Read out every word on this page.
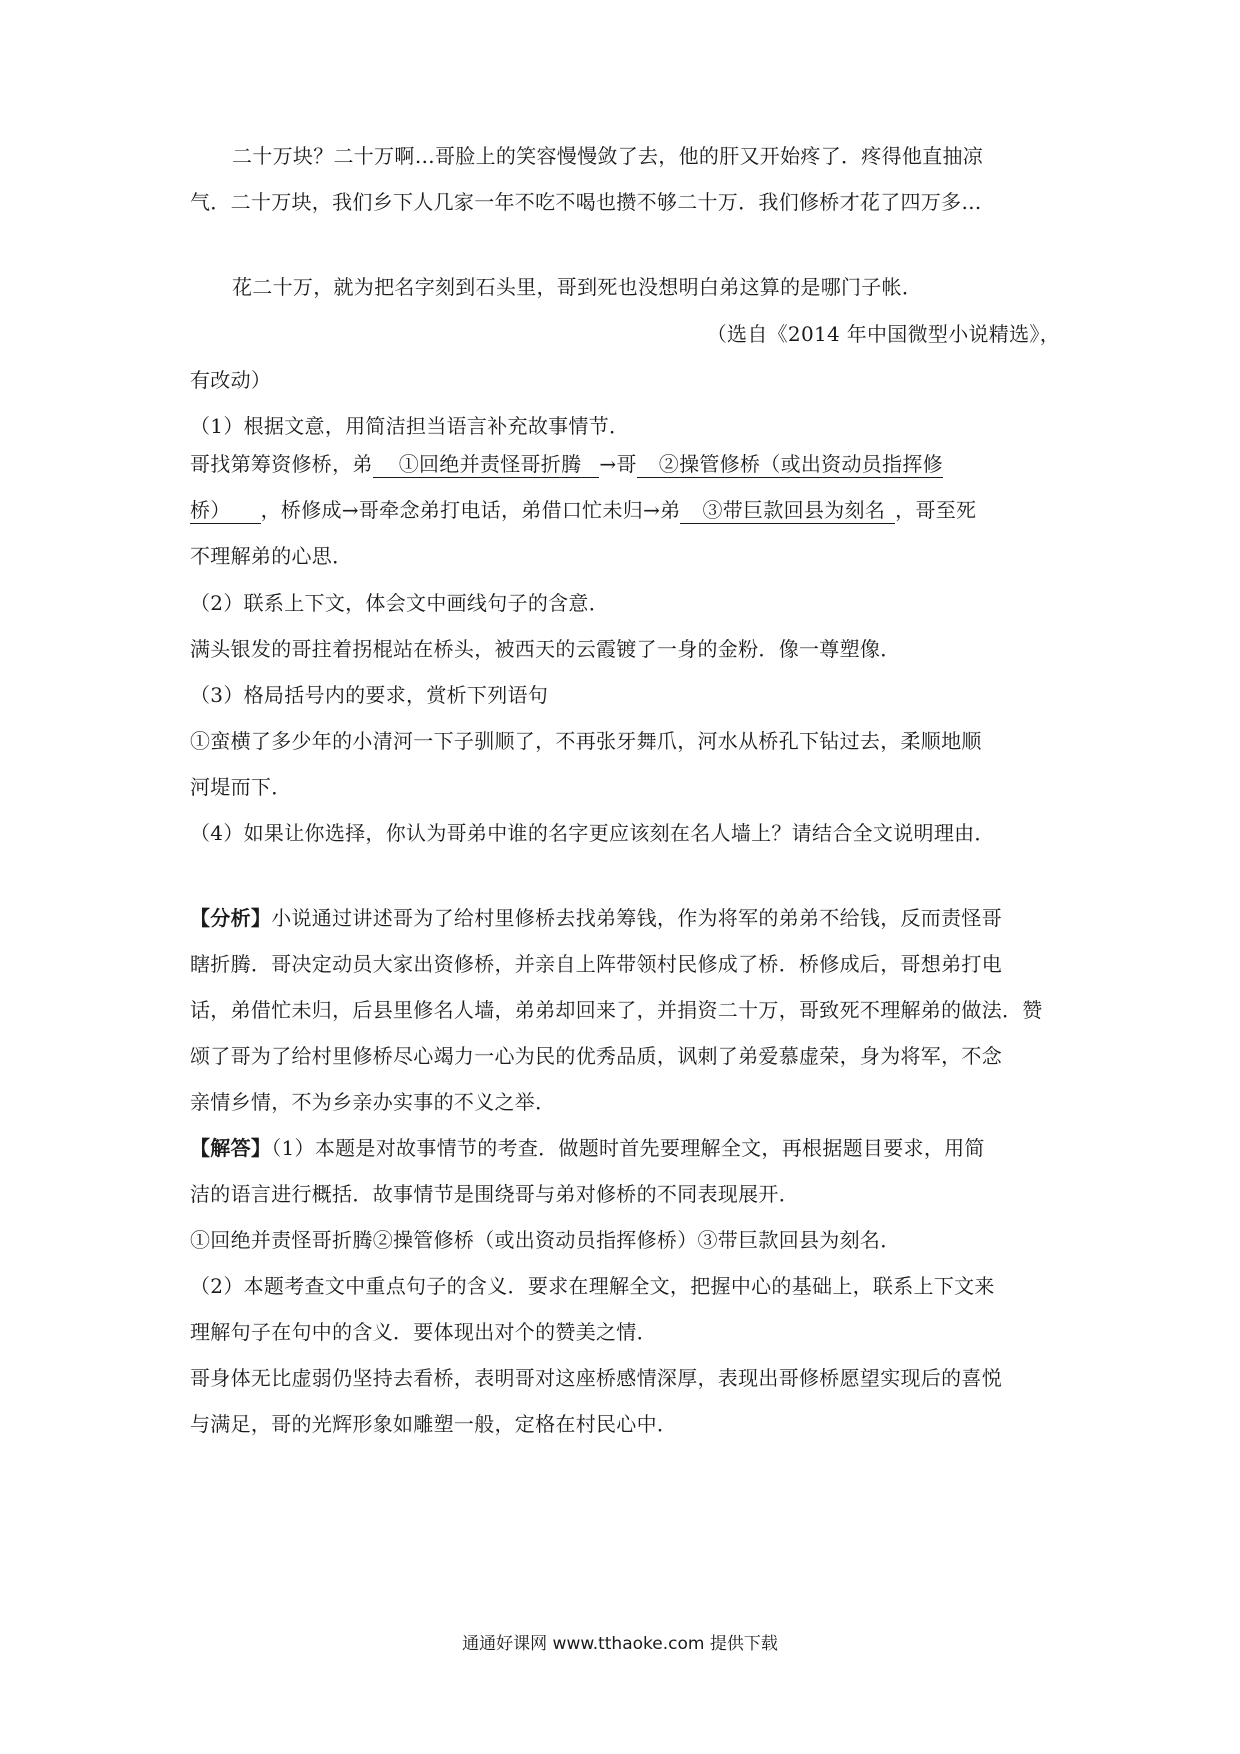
二十万块？二十万啊…哥脸上的笑容慢慢敛了去，他的肝又开始疼了．疼得他直抽凉
气．二十万块，我们乡下人几家一年不吃不喝也攒不够二十万．我们修桥才花了四万多…
花二十万，就为把名字刻到石头里，哥到死也没想明白弟这算的是哪门子帐．
（选自《2014 年中国微型小说精选》，
有改动）
（1）根据文意，用简洁担当语言补充故事情节．
哥找第筹资修桥，弟 ①回绝并责怪哥折腾→哥 ②操管修桥（或出资动员指挥修
桥） ，桥修成→哥牵念弟打电话，弟借口忙未归→弟 ③带巨款回县为刻名，哥至死
不理解弟的心思．
（2）联系上下文，体会文中画线句子的含意．
满头银发的哥拄着拐棍站在桥头，被西天的云霞镀了一身的金粉．像一尊塑像．
（3）格局括号内的要求，赏析下列语句
①蛮横了多少年的小清河一下子驯顺了，不再张牙舞爪，河水从桥孔下钻过去，柔顺地顺
河堤而下．
（4）如果让你选择，你认为哥弟中谁的名字更应该刻在名人墙上？请结合全文说明理由．
【分析】小说通过讲述哥为了给村里修桥去找弟筹钱，作为将军的弟弟不给钱，反而责怪哥
瞎折腾．哥决定动员大家出资修桥，并亲自上阵带领村民修成了桥．桥修成后，哥想弟打电
话，弟借忙未归，后县里修名人墙，弟弟却回来了，并捐资二十万，哥致死不理解弟的做法．赞
颂了哥为了给村里修桥尽心竭力一心为民的优秀品质，讽刺了弟爱慕虚荣，身为将军，不念
亲情乡情，不为乡亲办实事的不义之举．
【解答】（1）本题是对故事情节的考查．做题时首先要理解全文，再根据题目要求，用简
洁的语言进行概括．故事情节是围绕哥与弟对修桥的不同表现展开．
①回绝并责怪哥折腾②操管修桥（或出资动员指挥修桥）③带巨款回县为刻名．
（2）本题考查文中重点句子的含义．要求在理解全文，把握中心的基础上，联系上下文来
理解句子在句中的含义．要体现出对个的赞美之情．
哥身体无比虚弱仍坚持去看桥，表明哥对这座桥感情深厚，表现出哥修桥愿望实现后的喜悦
与满足，哥的光辉形象如雕塑一般，定格在村民心中．
通通好课网 www.tthaoke.com 提供下载
